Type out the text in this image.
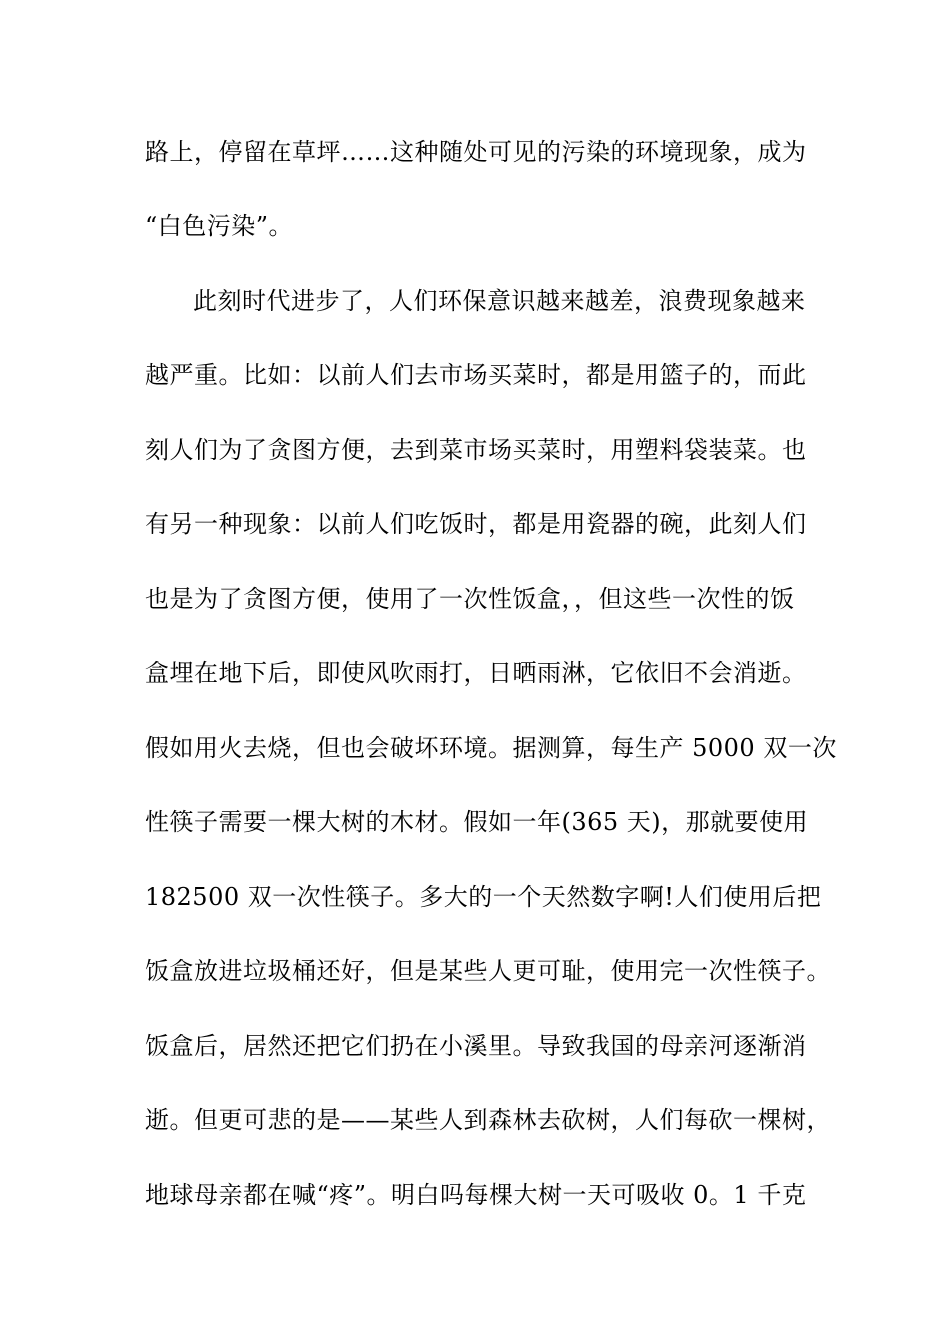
路上，停留在草坪……这种随处可见的污染的环境现象，成为
“白色污染”。
此刻时代进步了，人们环保意识越来越差，浪费现象越来
越严重。比如：以前人们去市场买菜时，都是用篮子的，而此
刻人们为了贪图方便，去到菜市场买菜时，用塑料袋装菜。也
有另一种现象：以前人们吃饭时，都是用瓷器的碗，此刻人们
也是为了贪图方便，使用了一次性饭盒，，但这些一次性的饭
盒埋在地下后，即使风吹雨打，日晒雨淋，它依旧不会消逝。
假如用火去烧，但也会破坏环境。据测算，每生产 5000 双一次
性筷子需要一棵大树的木材。假如一年(365 天)，那就要使用
182500 双一次性筷子。多大的一个天然数字啊!人们使用后把
饭盒放进垃圾桶还好，但是某些人更可耻，使用完一次性筷子。
饭盒后，居然还把它们扔在小溪里。导致我国的母亲河逐渐消
逝。但更可悲的是——某些人到森林去砍树，人们每砍一棵树，
地球母亲都在喊“疼”。明白吗每棵大树一天可吸收 0。1 千克
